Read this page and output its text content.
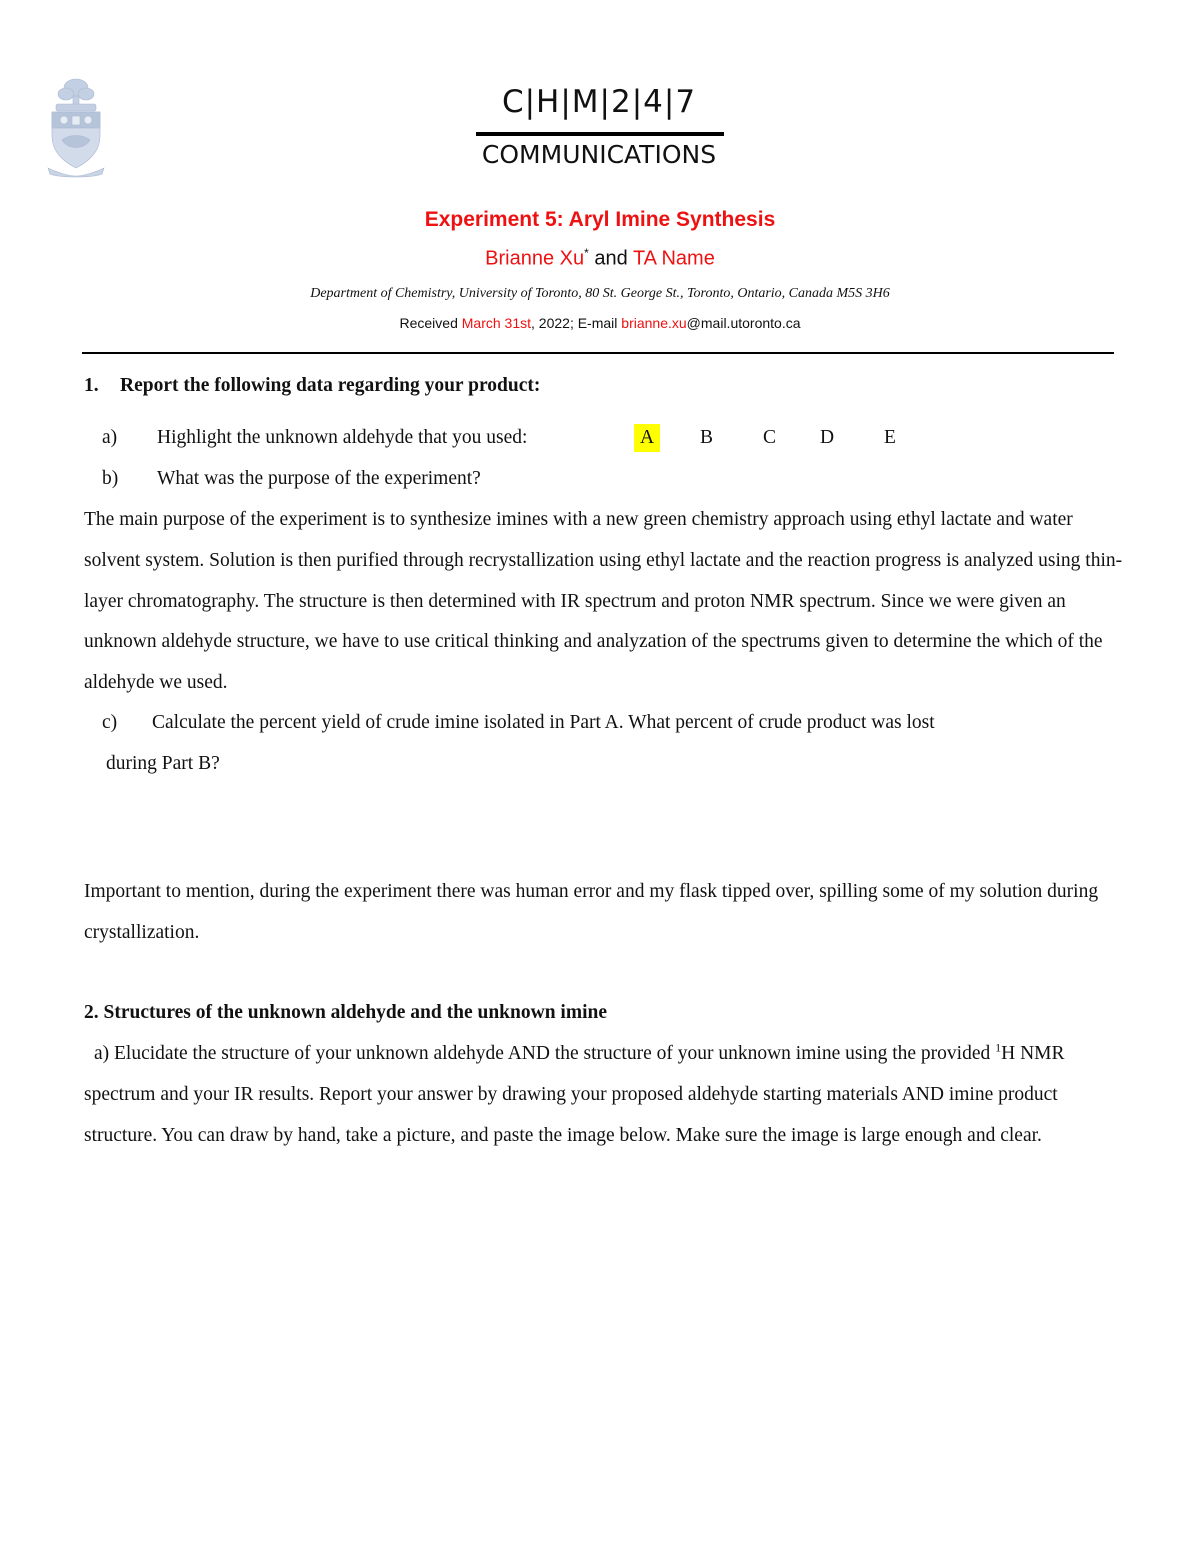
C|H|M|2|4|7
COMMUNICATIONS
Experiment 5: Aryl Imine Synthesis
Brianne Xu* and TA Name
Department of Chemistry, University of Toronto, 80 St. George St., Toronto, Ontario, Canada M5S 3H6
Received March 31st, 2022; E-mail brianne.xu@mail.utoronto.ca
1. Report the following data regarding your product:
a) Highlight the unknown aldehyde that you used:	A	B	C D	E
b) What was the purpose of the experiment?
The main purpose of the experiment is to synthesize imines with a new green chemistry approach using ethyl lactate and water solvent system. Solution is then purified through recrystallization using ethyl lactate and the reaction progress is analyzed using thin- layer chromatography. The structure is then determined with IR spectrum and proton NMR spectrum. Since we were given an unknown aldehyde structure, we have to use critical thinking and analyzation of the spectrums given to determine the which of the aldehyde we used.
c) Calculate the percent yield of crude imine isolated in Part A. What percent of crude product was lost
during Part B?
Important to mention, during the experiment there was human error and my flask tipped over, spilling some of my solution during crystallization.
2. Structures of the unknown aldehyde and the unknown imine
a) Elucidate the structure of your unknown aldehyde AND the structure of your unknown imine using the provided $^1$H NMR spectrum and your IR results. Report your answer by drawing your proposed aldehyde starting materials AND imine product structure. You can draw by hand, take a picture, and paste the image below. Make sure the image is large enough and clear.
